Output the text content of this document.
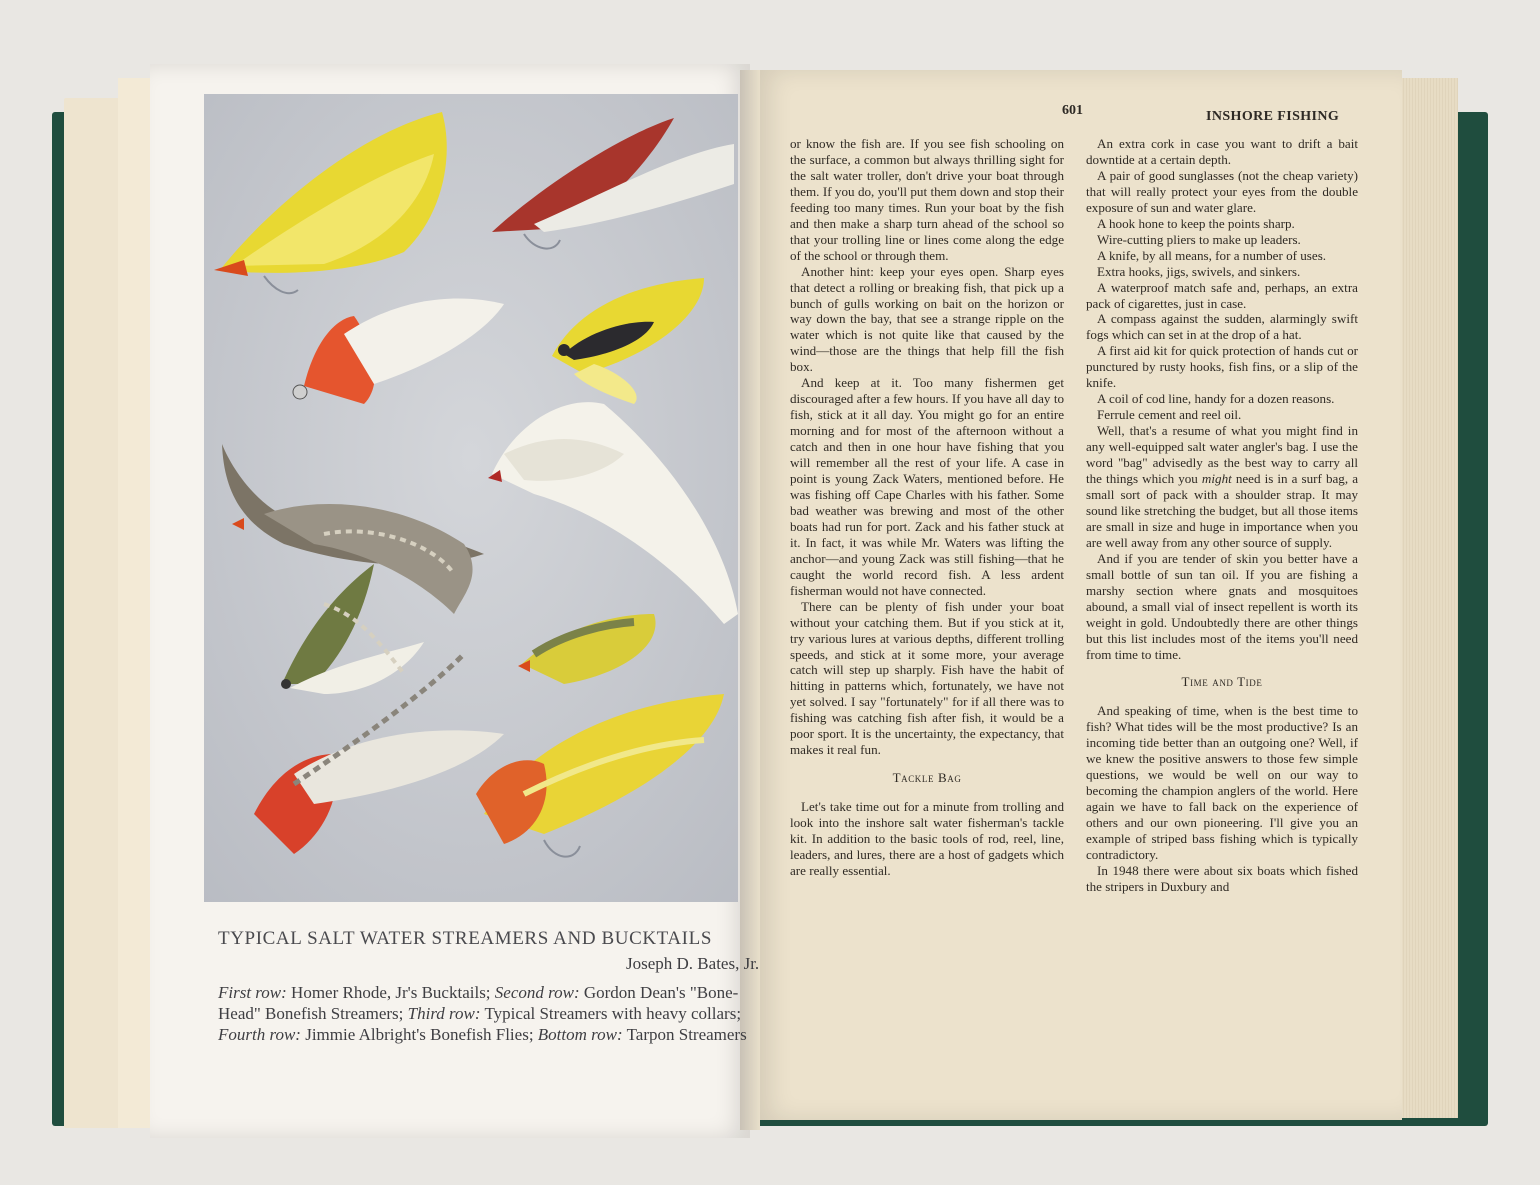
TYPICAL SALT WATER STREAMERS AND BUCKTAILS
Joseph D. Bates, Jr.
First row: Homer Rhode, Jr's Bucktails; Second row: Gordon Dean's "Bone-Head" Bonefish Streamers; Third row: Typical Streamers with heavy collars; Fourth row: Jimmie Albright's Bonefish Flies; Bottom row: Tarpon Streamers
601	INSHORE FISHING

or know the fish are. If you see fish schooling on the surface, a common but always thrilling sight for the salt water troller, don't drive your boat through them. If you do, you'll put them down and stop their feeding too many times. Run your boat by the fish and then make a sharp turn ahead of the school so that your trolling line or lines come along the edge of the school or through them.

Another hint: keep your eyes open. Sharp eyes that detect a rolling or breaking fish, that pick up a bunch of gulls working on bait on the horizon or way down the bay, that see a strange ripple on the water which is not quite like that caused by the wind—those are the things that help fill the fish box.

And keep at it. Too many fishermen get discouraged after a few hours. If you have all day to fish, stick at it all day. You might go for an entire morning and for most of the afternoon without a catch and then in one hour have fishing that you will remember all the rest of your life. A case in point is young Zack Waters, mentioned before. He was fishing off Cape Charles with his father. Some bad weather was brewing and most of the other boats had run for port. Zack and his father stuck at it. In fact, it was while Mr. Waters was lifting the anchor—and young Zack was still fishing—that he caught the world record fish. A less ardent fisherman would not have connected.

There can be plenty of fish under your boat without your catching them. But if you stick at it, try various lures at various depths, different trolling speeds, and stick at it some more, your average catch will step up sharply. Fish have the habit of hitting in patterns which, fortunately, we have not yet solved. I say "fortunately" for if all there was to fishing was catching fish after fish, it would be a poor sport. It is the uncertainty, the expectancy, that makes it real fun.

Tackle Bag

Let's take time out for a minute from trolling and look into the inshore salt water fisherman's tackle kit. In addition to the basic tools of rod, reel, line, leaders, and lures, there are a host of gadgets which are really essential.

An extra cork in case you want to drift a bait downtide at a certain depth.

A pair of good sunglasses (not the cheap variety) that will really protect your eyes from the double exposure of sun and water glare.

A hook hone to keep the points sharp.

Wire-cutting pliers to make up leaders.

A knife, by all means, for a number of uses.

Extra hooks, jigs, swivels, and sinkers.

A waterproof match safe and, perhaps, an extra pack of cigarettes, just in case.

A compass against the sudden, alarmingly swift fogs which can set in at the drop of a hat.

A first aid kit for quick protection of hands cut or punctured by rusty hooks, fish fins, or a slip of the knife.

A coil of cod line, handy for a dozen reasons.

Ferrule cement and reel oil.

Well, that's a resume of what you might find in any well-equipped salt water angler's bag. I use the word "bag" advisedly as the best way to carry all the things which you might need is in a surf bag, a small sort of pack with a shoulder strap. It may sound like stretching the budget, but all those items are small in size and huge in importance when you are well away from any other source of supply.

And if you are tender of skin you better have a small bottle of sun tan oil. If you are fishing a marshy section where gnats and mosquitoes abound, a small vial of insect repellent is worth its weight in gold. Undoubtedly there are other things but this list includes most of the items you'll need from time to time.

Time and Tide

And speaking of time, when is the best time to fish? What tides will be the most productive? Is an incoming tide better than an outgoing one? Well, if we knew the positive answers to those few simple questions, we would be well on our way to becoming the champion anglers of the world. Here again we have to fall back on the experience of others and our own pioneering. I'll give you an example of striped bass fishing which is typically contradictory.

In 1948 there were about six boats which fished the stripers in Duxbury and
